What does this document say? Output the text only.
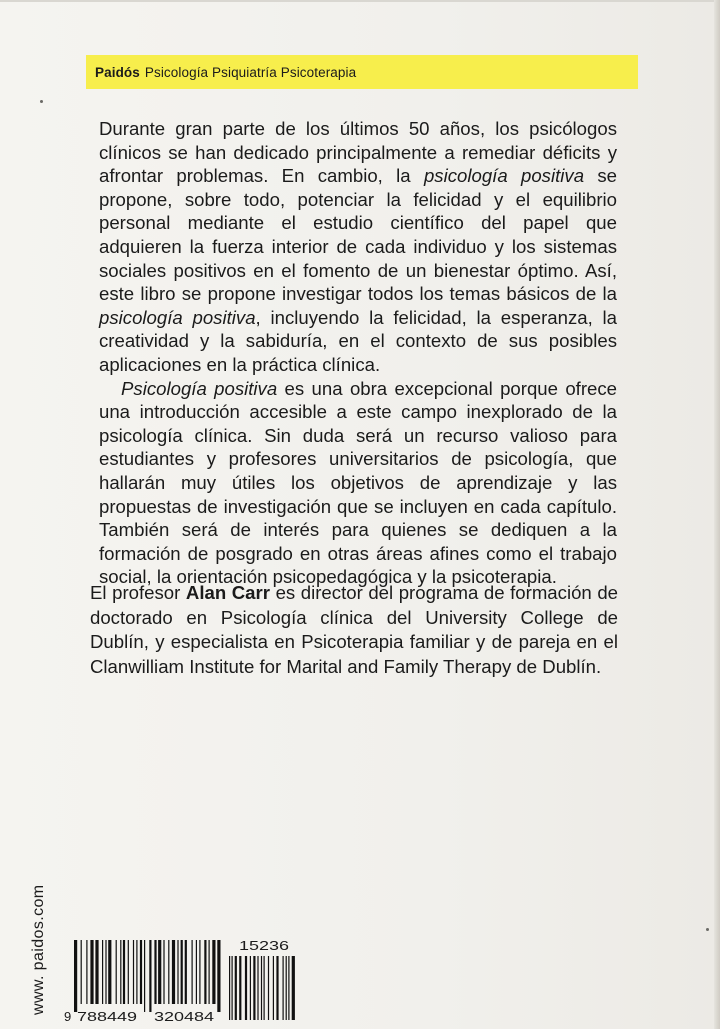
Paidós Psicología Psiquiatría Psicoterapia

Durante gran parte de los últimos 50 años, los psicólogos clínicos se han dedicado principalmente a remediar déficits y afrontar problemas. En cambio, la psicología positiva se propone, sobre todo, potenciar la felicidad y el equilibrio personal mediante el estudio científico del papel que adquieren la fuerza interior de cada individuo y los sistemas sociales positivos en el fomento de un bienestar óptimo. Así, este libro se propone investigar todos los temas básicos de la psicología positiva, incluyendo la felicidad, la esperanza, la creatividad y la sabiduría, en el contexto de sus posibles aplicaciones en la práctica clínica.

Psicología positiva es una obra excepcional porque ofrece una introducción accesible a este campo inexplorado de la psicología clínica. Sin duda será un recurso valioso para estudiantes y profesores universitarios de psicología, que hallarán muy útiles los objetivos de aprendizaje y las propuestas de investigación que se incluyen en cada capítulo. También será de interés para quienes se dediquen a la formación de posgrado en otras áreas afines como el trabajo social, la orientación psicopedagógica y la psicoterapia.

El profesor Alan Carr es director del programa de formación de doctorado en Psicología clínica del University College de Dublín, y especialista en Psicoterapia familiar y de pareja en el Clanwilliam Institute for Marital and Family Therapy de Dublín.

www. paidos.com
9 788449 320484
15236
